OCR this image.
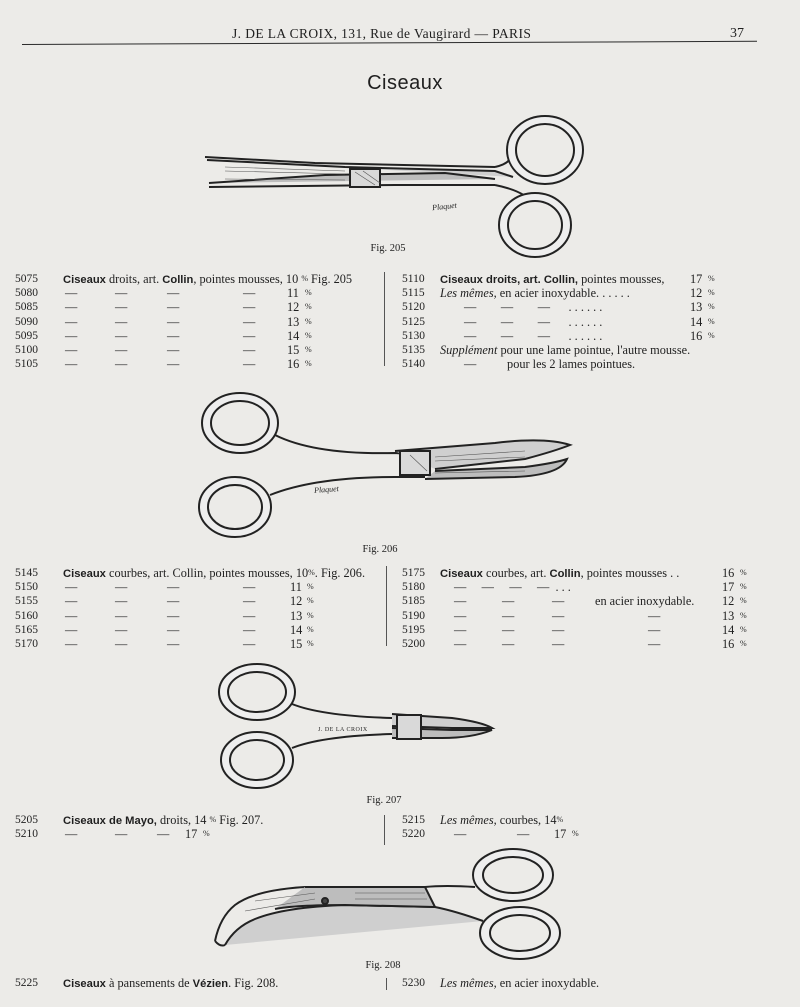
J. DE LA CROIX, 131, Rue de Vaugirard — PARIS	37
Ciseaux
Plaquet
Fig. 205
5075	Ciseaux droits, art. Collin, pointes mousses, 10 % Fig. 205
5080	—	—	—	—	11 %
5085	—	—	—	—	12 %
5090	—	—	—	—	13 %
5095	—	—	—	—	14 %
5100	—	—	—	—	15 %
5105	—	—	—	—	16 %
5110	Ciseaux droits, art. Collin, pointes mousses, 17 %
5115	Les mêmes, en acier inoxydable. . . . . .	12 %
5120	—        —        —      . . . . . .	13 %
5125	—        —        —      . . . . . .	14 %
5130	—        —        —      . . . . . .	16 %
5135	Supplément pour une lame pointue, l'autre mousse.
5140	—          pour les 2 lames pointues.
Plaquet
Fig. 206
5145	Ciseaux courbes, art. Collin, pointes mousses, 10%. Fig. 206.
5150	—	—	—	—	11 %
5155	—	—	—	—	12 %
5160	—	—	—	—	13 %
5165	—	—	—	—	14 %
5170	—	—	—	—	15 %
5175	Ciseaux courbes, art. Collin, pointes mousses . .	16 %
5180	—     —     —     —  . . .	17 %
5185	—	—	— en acier inoxydable. 12 %
5190	—	—	—	—	13 %
5195	—	—	—	—	14 %
5200	—	—	—	—	16 %
J. DE LA CROIX
Fig. 207
5205	Ciseaux de Mayo, droits, 14 % Fig. 207.
5210	—	— — 17 %
5215	Les mêmes, courbes, 14%
5220	—	— 17 %
Fig. 208
5225	Ciseaux à pansements de Vézien. Fig. 208.	5230	Les mêmes, en acier inoxydable.
